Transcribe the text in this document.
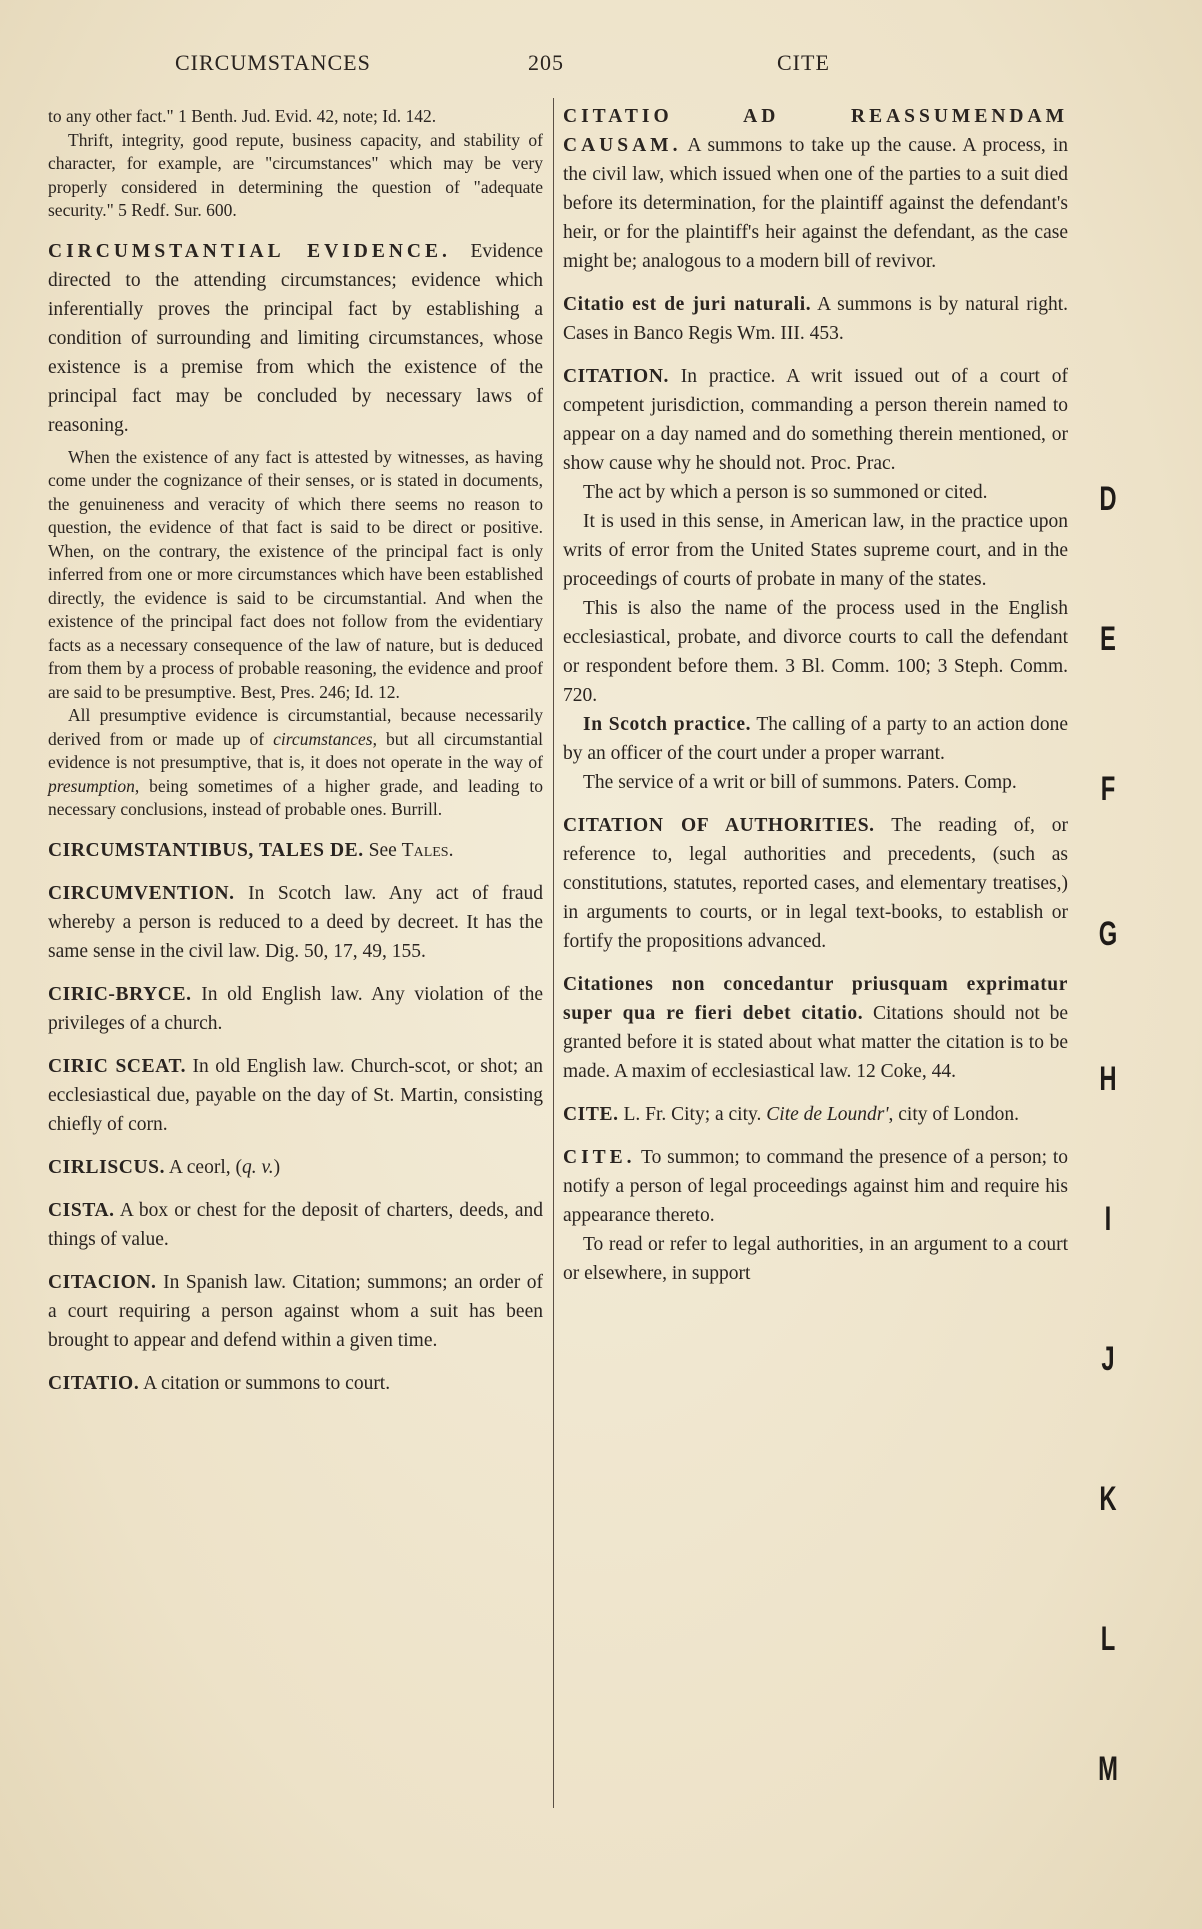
CIRCUMSTANCES	205	CITE

to any other fact." 1 Benth. Jud. Evid. 42, note; Id. 142.

Thrift, integrity, good repute, business capacity, and stability of character, for example, are "circumstances" which may be very properly considered in determining the question of "adequate security." 5 Redf. Sur. 600.

CIRCUMSTANTIAL EVIDENCE. Evidence directed to the attending circumstances; evidence which inferentially proves the principal fact by establishing a condition of surrounding and limiting circumstances, whose existence is a premise from which the existence of the principal fact may be concluded by necessary laws of reasoning.

When the existence of any fact is attested by witnesses, as having come under the cognizance of their senses, or is stated in documents, the genuineness and veracity of which there seems no reason to question, the evidence of that fact is said to be direct or positive. When, on the contrary, the existence of the principal fact is only inferred from one or more circumstances which have been established directly, the evidence is said to be circumstantial. And when the existence of the principal fact does not follow from the evidentiary facts as a necessary consequence of the law of nature, but is deduced from them by a process of probable reasoning, the evidence and proof are said to be presumptive. Best, Pres. 246; Id. 12.

All presumptive evidence is circumstantial, because necessarily derived from or made up of circumstances, but all circumstantial evidence is not presumptive, that is, it does not operate in the way of presumption, being sometimes of a higher grade, and leading to necessary conclusions, instead of probable ones. Burrill.

CIRCUMSTANTIBUS, TALES DE. See Tales.

CIRCUMVENTION. In Scotch law. Any act of fraud whereby a person is reduced to a deed by decreet. It has the same sense in the civil law. Dig. 50, 17, 49, 155.

CIRIC-BRYCE. In old English law. Any violation of the privileges of a church.

CIRIC SCEAT. In old English law. Church-scot, or shot; an ecclesiastical due, payable on the day of St. Martin, consisting chiefly of corn.

CIRLISCUS. A ceorl, (q. v.)

CISTA. A box or chest for the deposit of charters, deeds, and things of value.

CITACION. In Spanish law. Citation; summons; an order of a court requiring a person against whom a suit has been brought to appear and defend within a given time.

CITATIO. A citation or summons to court.

CITATIO AD REASSUMENDAM CAUSAM. A summons to take up the cause. A process, in the civil law, which issued when one of the parties to a suit died before its determination, for the plaintiff against the defendant's heir, or for the plaintiff's heir against the defendant, as the case might be; analogous to a modern bill of revivor.

Citatio est de juri naturali. A summons is by natural right. Cases in Banco Regis Wm. III. 453.

CITATION. In practice. A writ issued out of a court of competent jurisdiction, commanding a person therein named to appear on a day named and do something therein mentioned, or show cause why he should not. Proc. Prac.

The act by which a person is so summoned or cited.

It is used in this sense, in American law, in the practice upon writs of error from the United States supreme court, and in the proceedings of courts of probate in many of the states.

This is also the name of the process used in the English ecclesiastical, probate, and divorce courts to call the defendant or respondent before them. 3 Bl. Comm. 100; 3 Steph. Comm. 720.

In Scotch practice. The calling of a party to an action done by an officer of the court under a proper warrant.

The service of a writ or bill of summons. Paters. Comp.

CITATION OF AUTHORITIES. The reading of, or reference to, legal authorities and precedents, (such as constitutions, statutes, reported cases, and elementary treatises,) in arguments to courts, or in legal text-books, to establish or fortify the propositions advanced.

Citationes non concedantur priusquam exprimatur super qua re fieri debet citatio. Citations should not be granted before it is stated about what matter the citation is to be made. A maxim of ecclesiastical law. 12 Coke, 44.

CITE. L. Fr. City; a city. Cite de Loundr', city of London.

CITE. To summon; to command the presence of a person; to notify a person of legal proceedings against him and require his appearance thereto.

To read or refer to legal authorities, in an argument to a court or elsewhere, in support

D
E
F
G
H
I
J
K
L
M
